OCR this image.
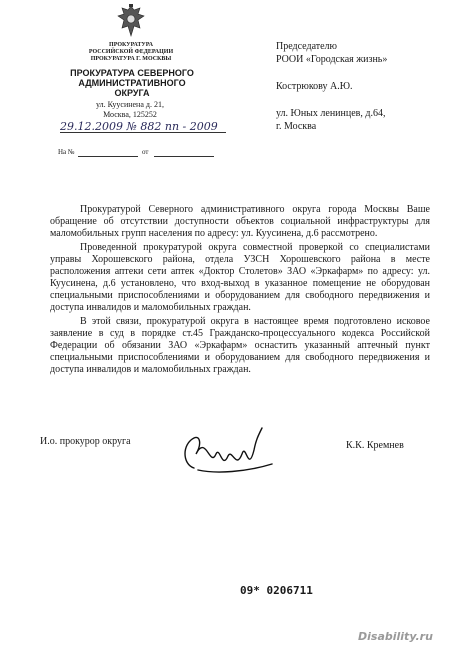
ПРОКУРАТУРА
РОССИЙСКОЙ ФЕДЕРАЦИИ
ПРОКУРАТУРА Г. МОСКВЫ
ПРОКУРАТУРА СЕВЕРНОГО
АДМИНИСТРАТИВНОГО
ОКРУГА
ул. Куусинена д. 21,
Москва, 125252
29.12.2009 № 882 пп - 2009
На №	от
Председателю
РООИ «Городская жизнь»
Кострюкову А.Ю.
ул. Юных ленинцев, д.64,
г. Москва

Прокуратурой Северного административного округа города Москвы Ваше обращение об отсутствии доступности объектов социальной инфраструктуры для маломобильных групп населения по адресу: ул. Куусинена, д.6 рассмотрено.

Проведенной прокуратурой округа совместной проверкой со специалистами управы Хорошевского района, отдела УЗСН Хорошевского района в месте расположения аптеки сети аптек «Доктор Столетов» ЗАО «Эркафарм» по адресу: ул. Куусинена, д.6 установлено, что вход-выход в указанное помещение не оборудован специальными приспособлениями и оборудованием для свободного передвижения и доступа инвалидов и маломобильных граждан.

В этой связи, прокуратурой округа в настоящее время подготовлено исковое заявление в суд в порядке ст.45 Гражданско-процессуального кодекса Российской Федерации об обязании ЗАО «Эркафарм» оснастить указанный аптечный пункт специальными приспособлениями и оборудованием для свободного передвижения и доступа инвалидов и маломобильных граждан.

И.о. прокурор округа	К.К. Кремнев
09* 0206711
Disability.ru
